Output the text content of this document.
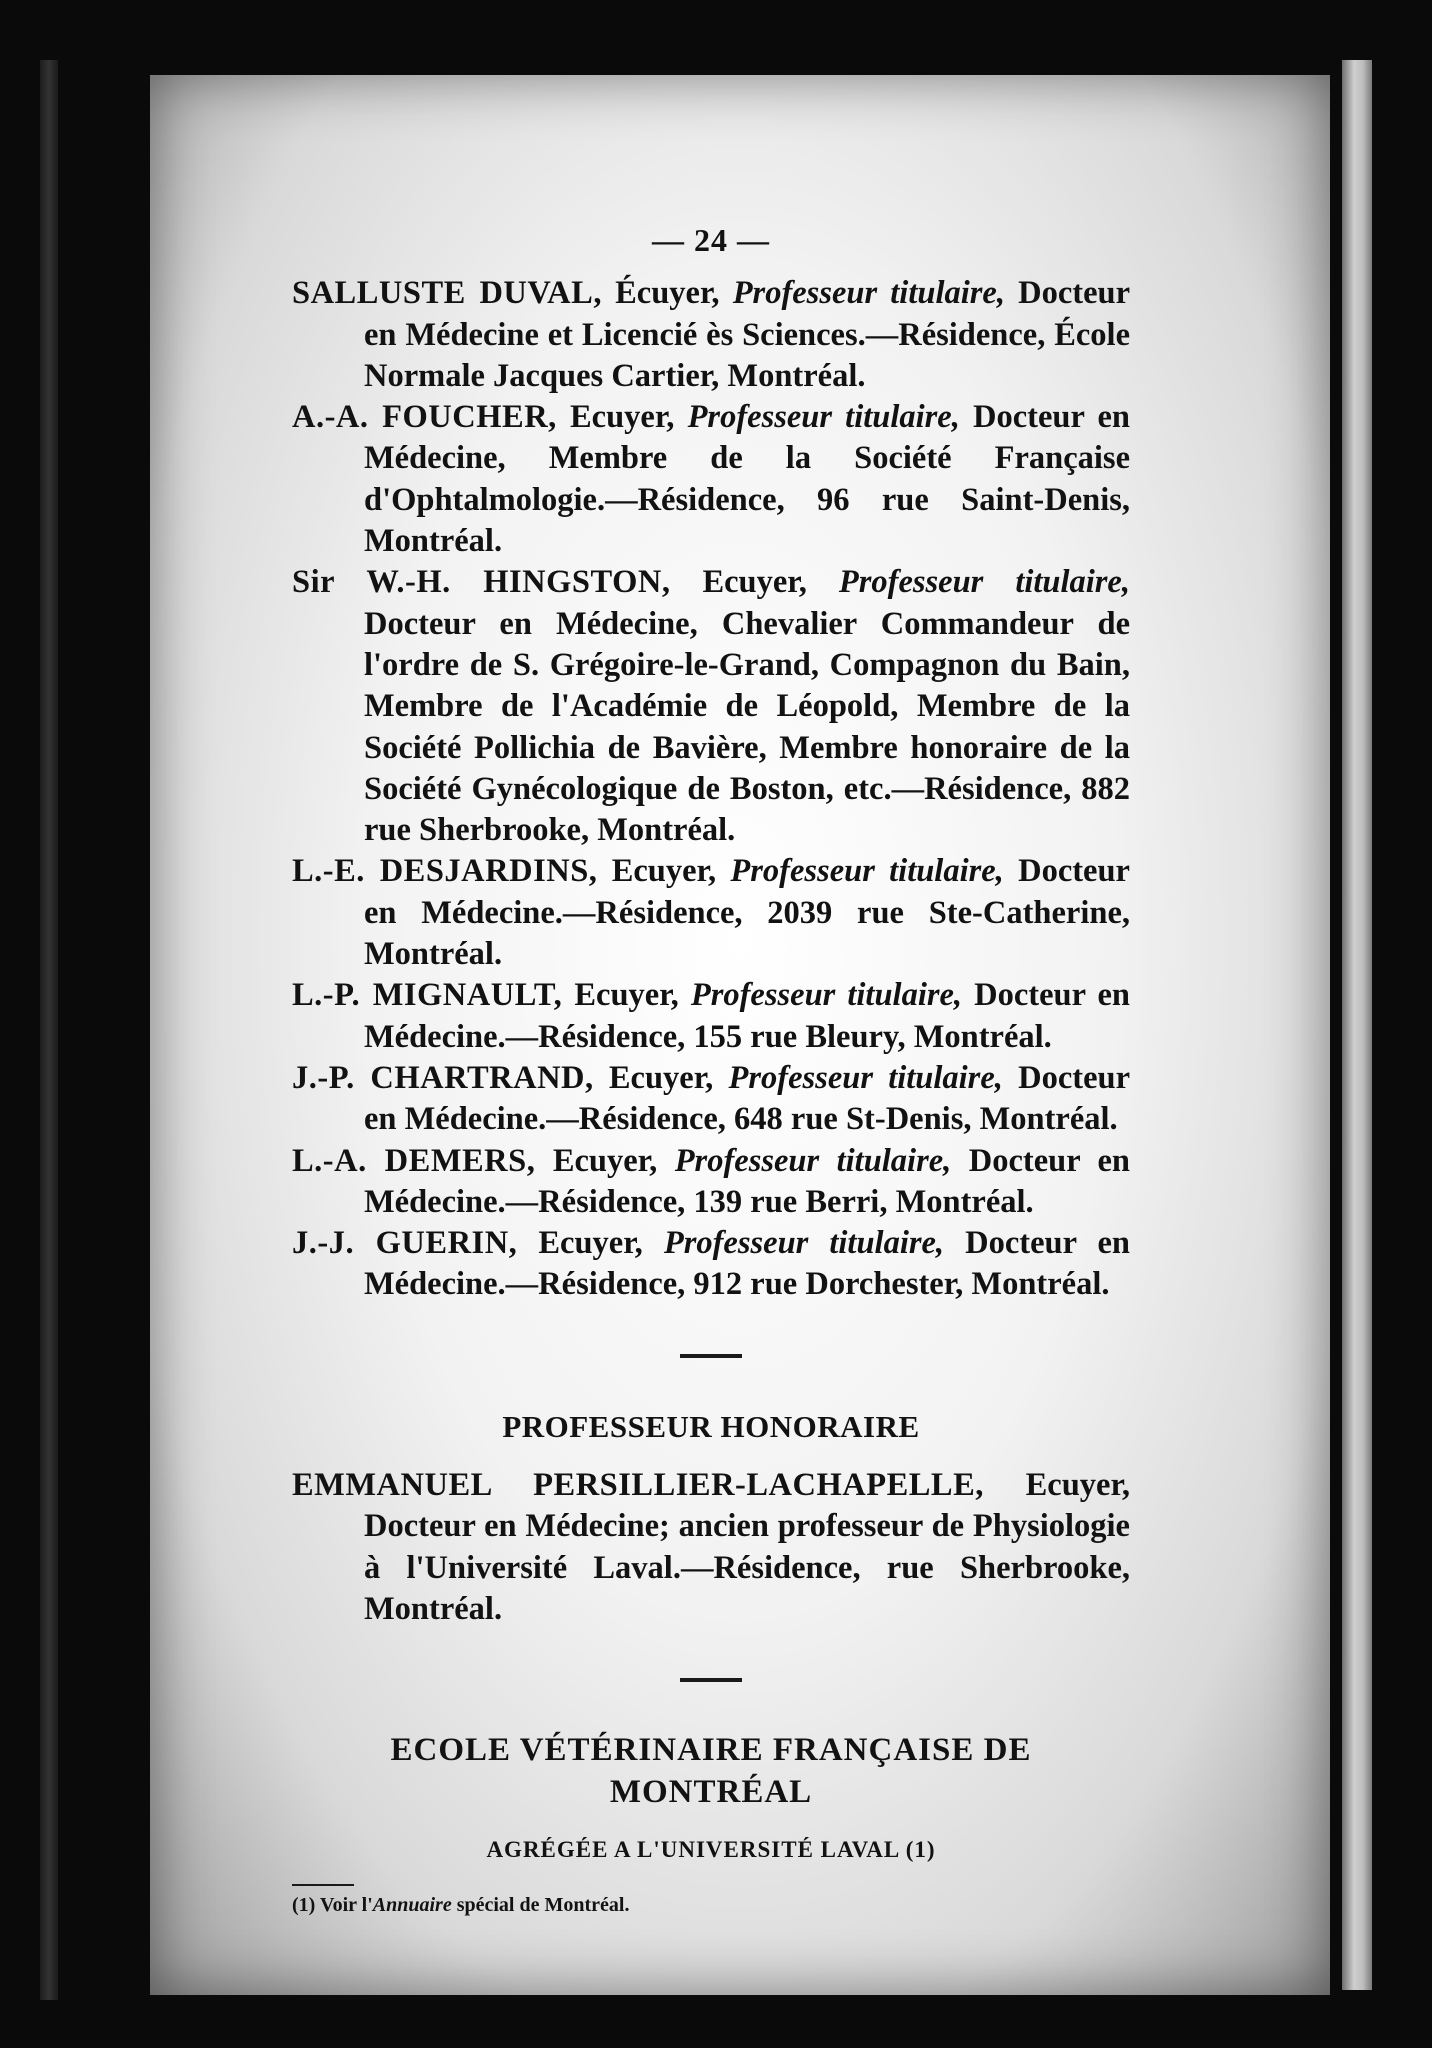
— 24 —

SALLUSTE DUVAL, Écuyer, Professeur titulaire, Docteur en Médecine et Licencié ès Sciences.—Résidence, École Normale Jacques Cartier, Montréal.

A.-A. FOUCHER, Ecuyer, Professeur titulaire, Docteur en Médecine, Membre de la Société Française d'Ophtalmologie.—Résidence, 96 rue Saint-Denis, Montréal.

Sir W.-H. HINGSTON, Ecuyer, Professeur titulaire, Docteur en Médecine, Chevalier Commandeur de l'ordre de S. Grégoire-le-Grand, Compagnon du Bain, Membre de l'Académie de Léopold, Membre de la Société Pollichia de Bavière, Membre honoraire de la Société Gynécologique de Boston, etc.—Résidence, 882 rue Sherbrooke, Montréal.

L.-E. DESJARDINS, Ecuyer, Professeur titulaire, Docteur en Médecine.—Résidence, 2039 rue Ste-Catherine, Montréal.

L.-P. MIGNAULT, Ecuyer, Professeur titulaire, Docteur en Médecine.—Résidence, 155 rue Bleury, Montréal.

J.-P. CHARTRAND, Ecuyer, Professeur titulaire, Docteur en Médecine.—Résidence, 648 rue St-Denis, Montréal.

L.-A. DEMERS, Ecuyer, Professeur titulaire, Docteur en Médecine.—Résidence, 139 rue Berri, Montréal.

J.-J. GUERIN, Ecuyer, Professeur titulaire, Docteur en Médecine.—Résidence, 912 rue Dorchester, Montréal.

PROFESSEUR HONORAIRE

EMMANUEL PERSILLIER-LACHAPELLE, Ecuyer, Docteur en Médecine; ancien professeur de Physiologie à l'Université Laval.—Résidence, rue Sherbrooke, Montréal.

ECOLE VÉTÉRINAIRE FRANÇAISE DE MONTRÉAL

AGRÉGÉE A L'UNIVERSITÉ LAVAL (1)

(1) Voir l'Annuaire spécial de Montréal.
